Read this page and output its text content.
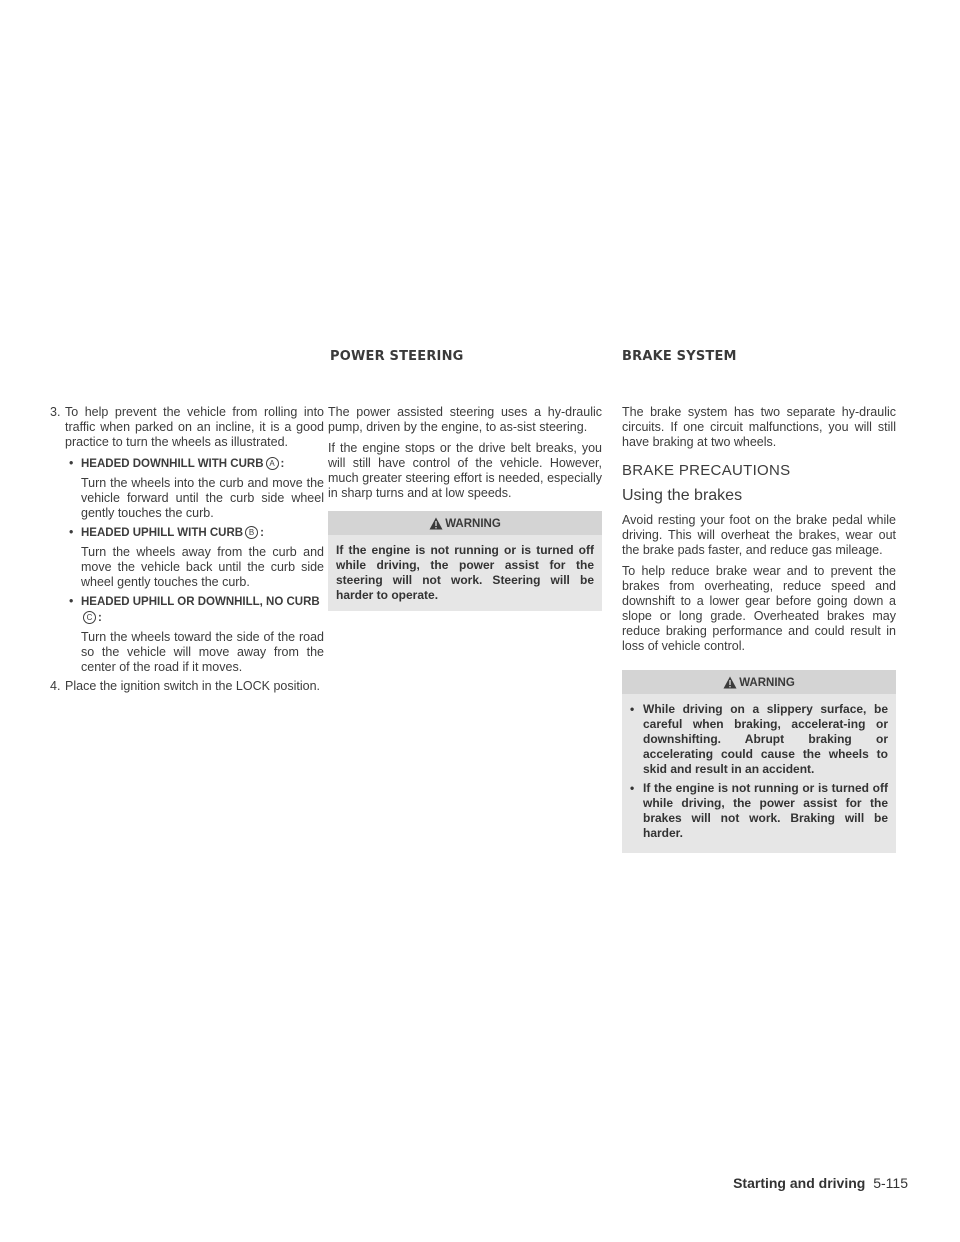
POWER STEERING	BRAKE SYSTEM
3. To help prevent the vehicle from rolling into traffic when parked on an incline, it is a good practice to turn the wheels as illustrated.
• HEADED DOWNHILL WITH CURB A :
Turn the wheels into the curb and move the vehicle forward until the curb side wheel gently touches the curb.
• HEADED UPHILL WITH CURB B :
Turn the wheels away from the curb and move the vehicle back until the curb side wheel gently touches the curb.
• HEADED UPHILL OR DOWNHILL, NO CURBC :
Turn the wheels toward the side of the road so the vehicle will move away from the center of the road if it moves.
4. Place the ignition switch in the LOCK position.

The power assisted steering uses a hy-draulic pump, driven by the engine, to as-sist steering.

If the engine stops or the drive belt breaks, you will still have control of the vehicle. However, much greater steering effort is needed, especially in sharp turns and at low speeds.

WARNING
If the engine is not running or is turned off while driving, the power assist for the steering will not work. Steering will be harder to operate.

The brake system has two separate hy-draulic circuits. If one circuit malfunctions, you will still have braking at two wheels.

BRAKE PRECAUTIONS
Using the brakes

Avoid resting your foot on the brake pedal while driving. This will overheat the brakes, wear out the brake pads faster, and reduce gas mileage.

To help reduce brake wear and to prevent the brakes from overheating, reduce speed and downshift to a lower gear before going down a slope or long grade. Overheated brakes may reduce braking performance and could result in loss of vehicle control.

WARNING
• While driving on a slippery surface, be careful when braking, accelerat-ing or downshifting. Abrupt braking or accelerating could cause the wheels to skid and result in an accident.
• If the engine is not running or is turned off while driving, the power assist for the brakes will not work. Braking will be harder.
Starting and driving 5-115
